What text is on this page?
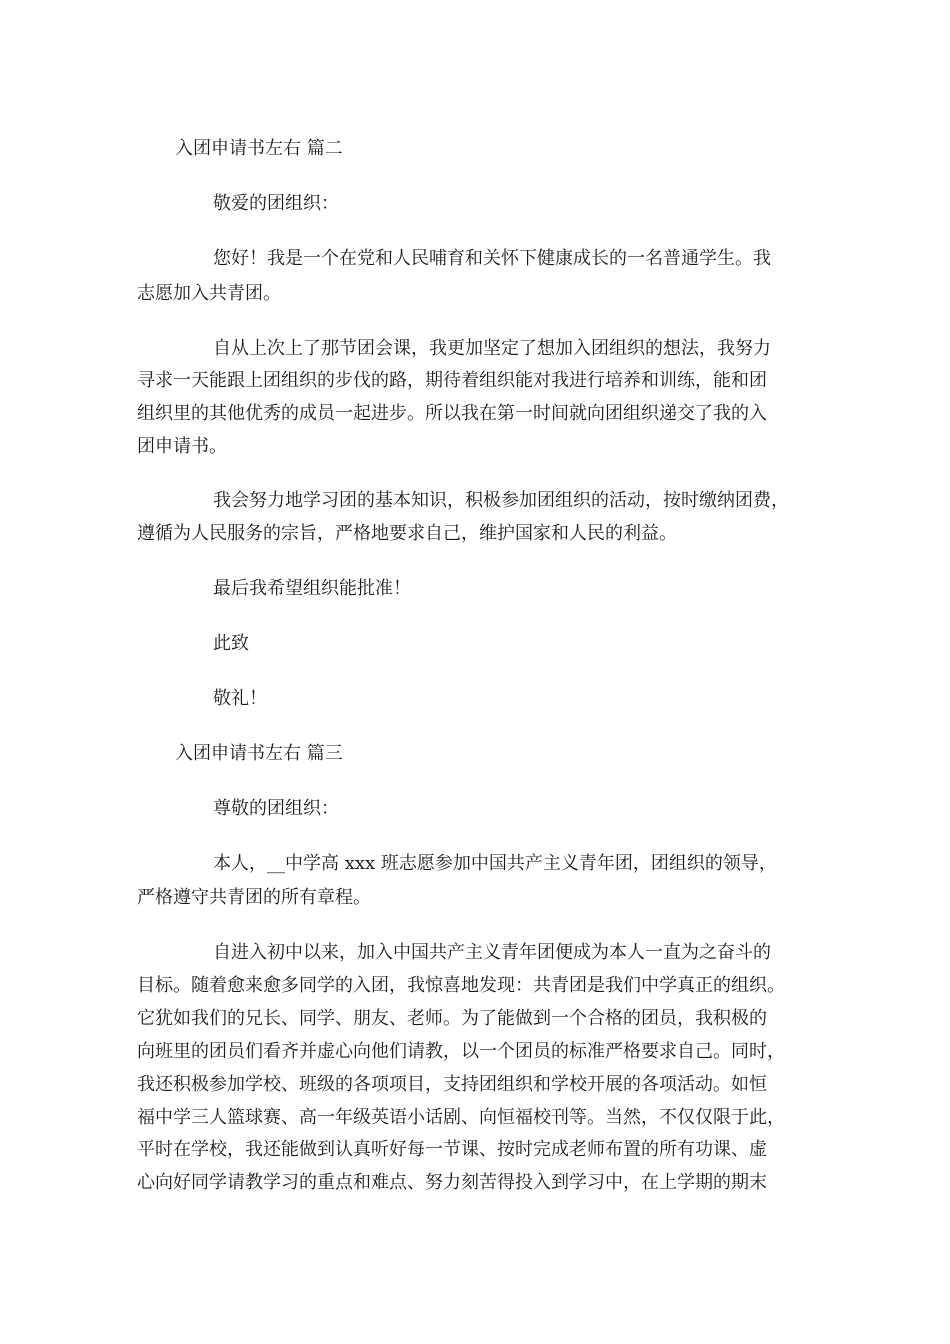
入团申请书左右 篇二
敬爱的团组织：
您好！我是一个在党和人民哺育和关怀下健康成长的一名普通学生。我
志愿加入共青团。
自从上次上了那节团会课，我更加坚定了想加入团组织的想法，我努力
寻求一天能跟上团组织的步伐的路，期待着组织能对我进行培养和训练，能和团
组织里的其他优秀的成员一起进步。所以我在第一时间就向团组织递交了我的入
团申请书。
我会努力地学习团的基本知识，积极参加团组织的活动，按时缴纳团费，
遵循为人民服务的宗旨，严格地要求自己，维护国家和人民的利益。
最后我希望组织能批准！
此致
敬礼！
入团申请书左右 篇三
尊敬的团组织：
本人，__中学高 xxx 班志愿参加中国共产主义青年团，团组织的领导，
严格遵守共青团的所有章程。
自进入初中以来，加入中国共产主义青年团便成为本人一直为之奋斗的
目标。随着愈来愈多同学的入团，我惊喜地发现：共青团是我们中学真正的组织。
它犹如我们的兄长、同学、朋友、老师。为了能做到一个合格的团员，我积极的
向班里的团员们看齐并虚心向他们请教，以一个团员的标准严格要求自己。同时，
我还积极参加学校、班级的各项项目，支持团组织和学校开展的各项活动。如恒
福中学三人篮球赛、高一年级英语小话剧、向恒福校刊等。当然，不仅仅限于此，
平时在学校，我还能做到认真听好每一节课、按时完成老师布置的所有功课、虚
心向好同学请教学习的重点和难点、努力刻苦得投入到学习中，在上学期的期末
